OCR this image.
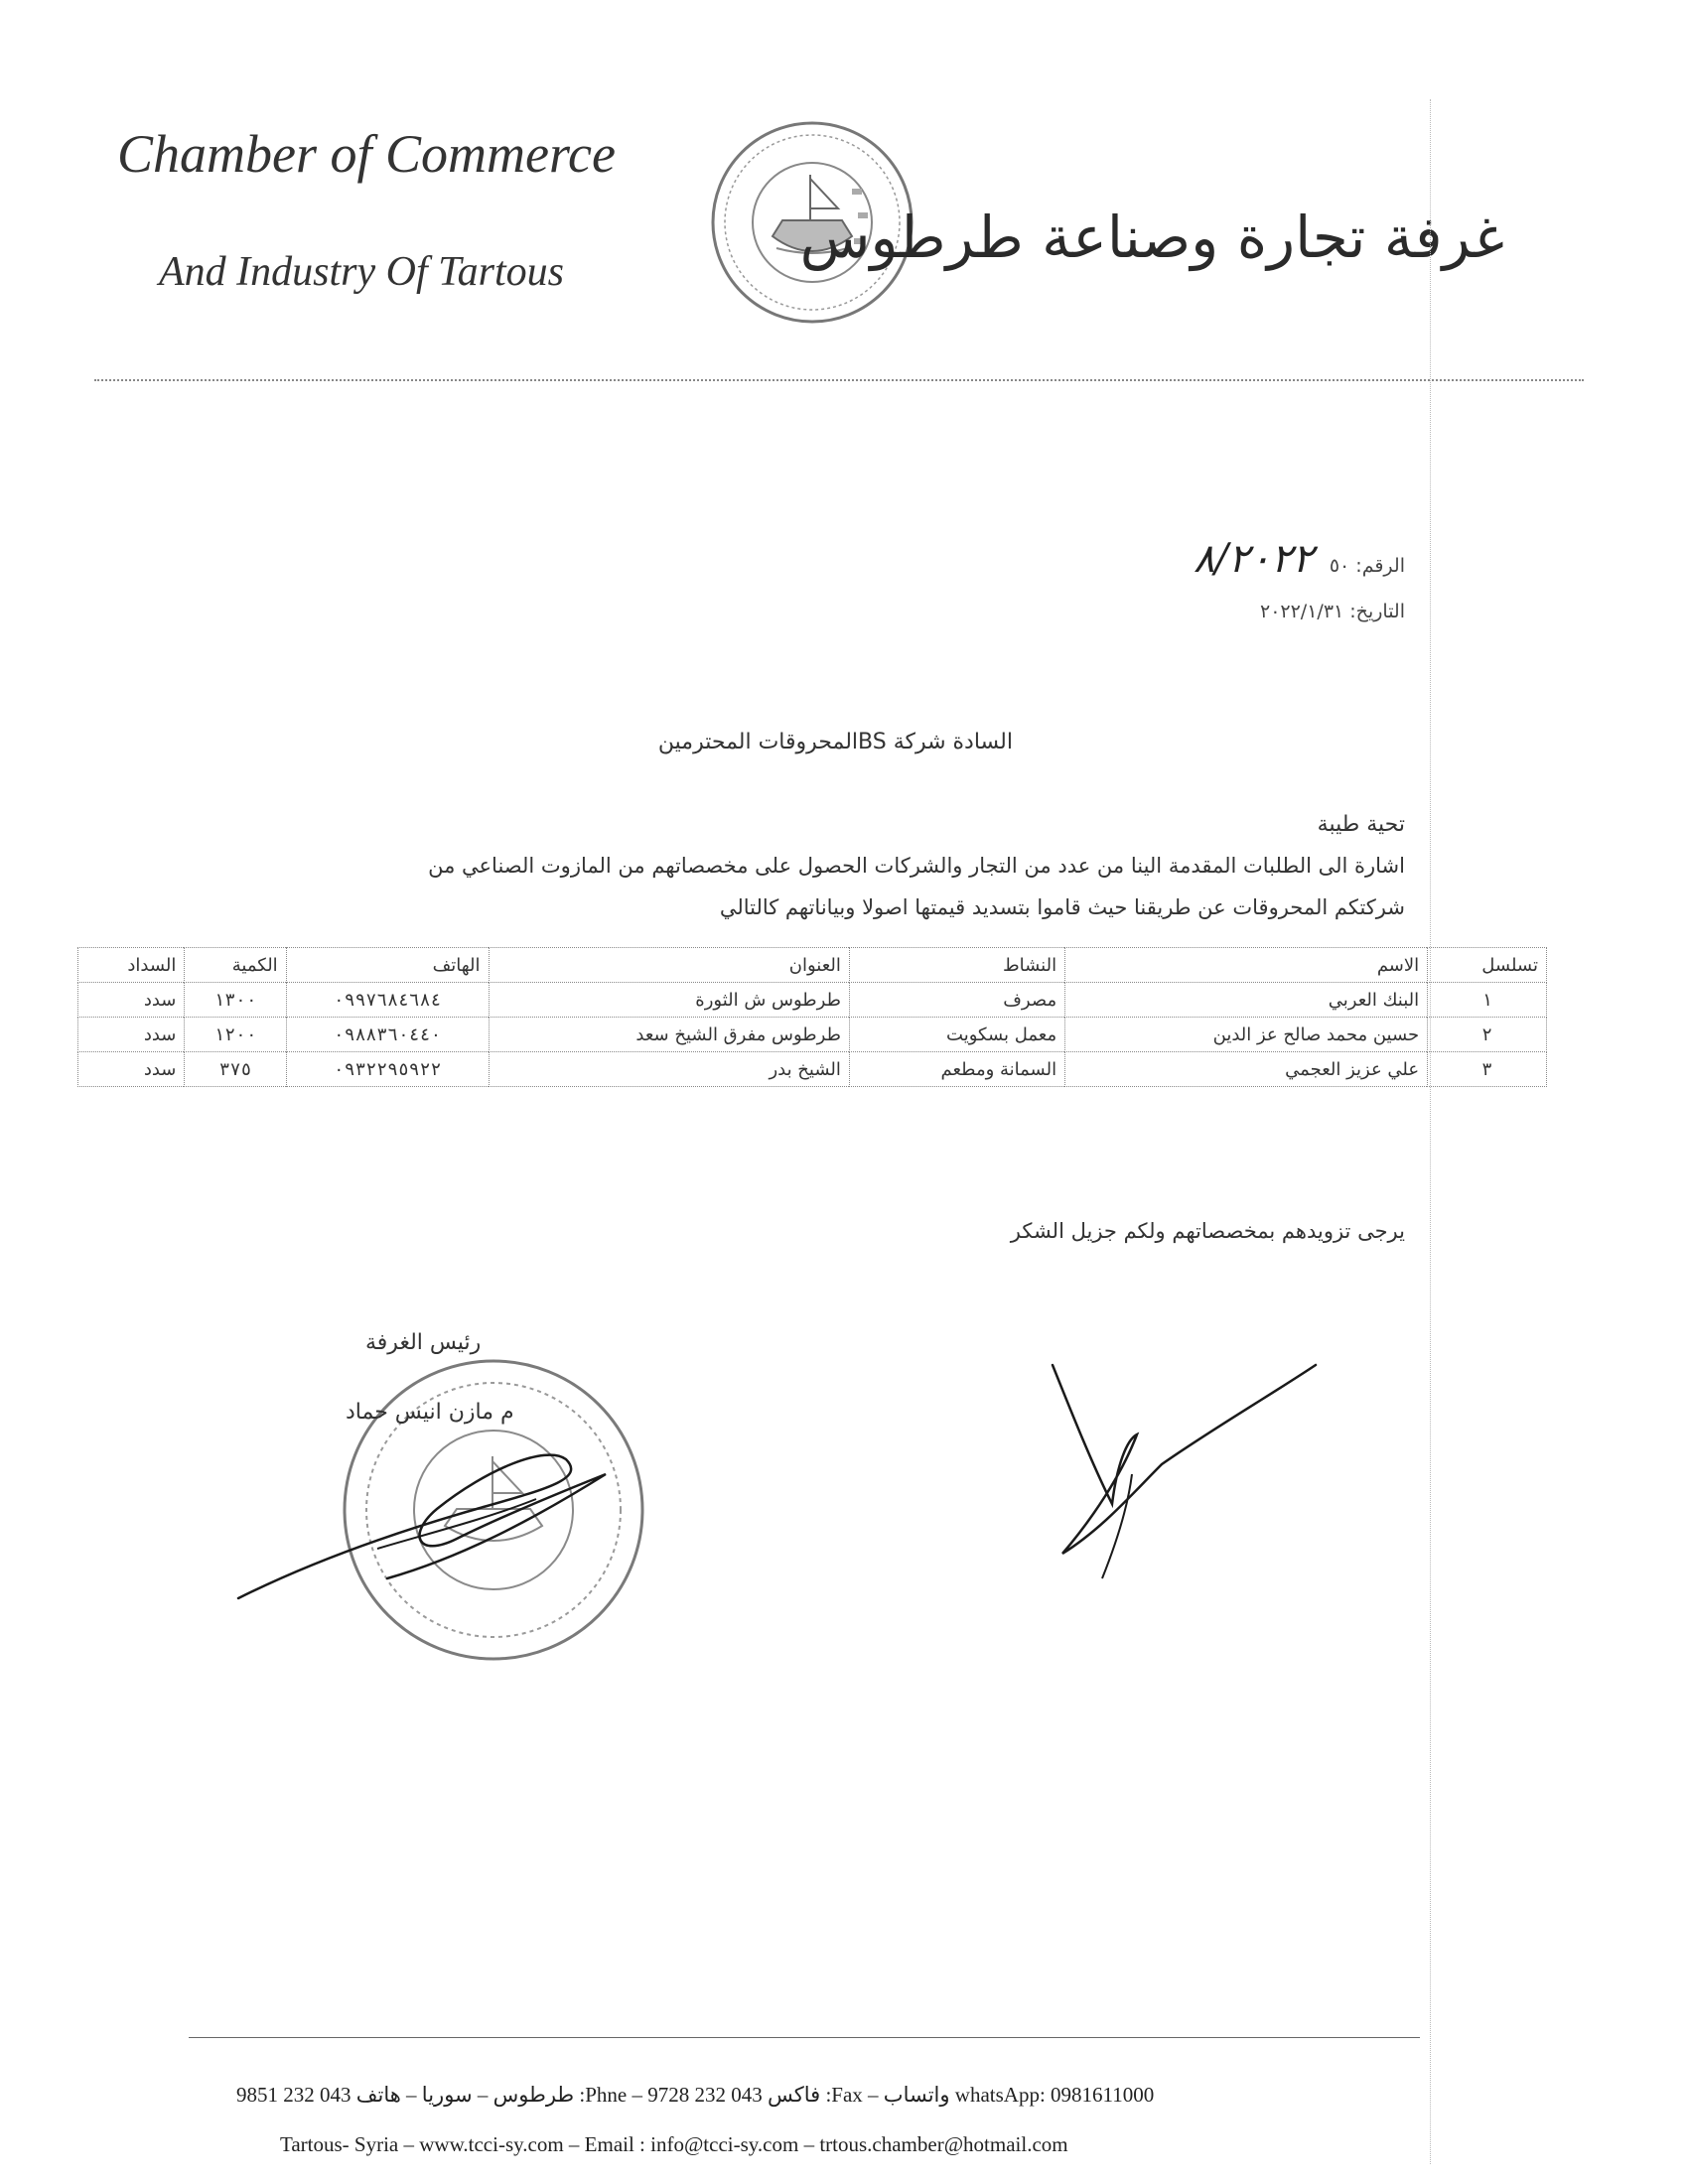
Chamber of Commerce
And Industry Of Tartous
غرفة تجارة وصناعة طرطوس
الرقم: ٥٠ ٨/٢٠٢٢
التاريخ: ٢٠٢٢/١/٣١
السادة شركة BSالمحروقات المحترمين
تحية طيبة
اشارة الى الطلبات المقدمة الينا من عدد من التجار والشركات الحصول على مخصصاتهم من المازوت الصناعي من
شركتكم المحروقات عن طريقنا حيث قاموا بتسديد قيمتها اصولا وبياناتهم كالتالي
تسلسل	الاسم	النشاط	العنوان	الهاتف	الكمية	السداد
١	البنك العربي	مصرف	طرطوس ش الثورة	٠٩٩٧٦٨٤٦٨٤	١٣٠٠	سدد
٢	حسين محمد صالح عز الدين	معمل بسكويت	طرطوس مفرق الشيخ سعد	٠٩٨٨٣٦٠٤٤٠	١٢٠٠	سدد
٣	علي عزيز العجمي	السمانة ومطعم	الشيخ بدر	٠٩٣٢٢٩٥٩٢٢	٣٧٥	سدد
يرجى تزويدهم بمخصصاتهم ولكم جزيل الشكر
رئيس الغرفة
م مازن انيس حماد
طرطوس – سوريا – هاتف 043 232 9851 :Phne – فاكس 043 232 9728 :Fax – واتساب whatsApp: 0981611000
Tartous- Syria – www.tcci-sy.com – Email : info@tcci-sy.com – trtous.chamber@hotmail.com
